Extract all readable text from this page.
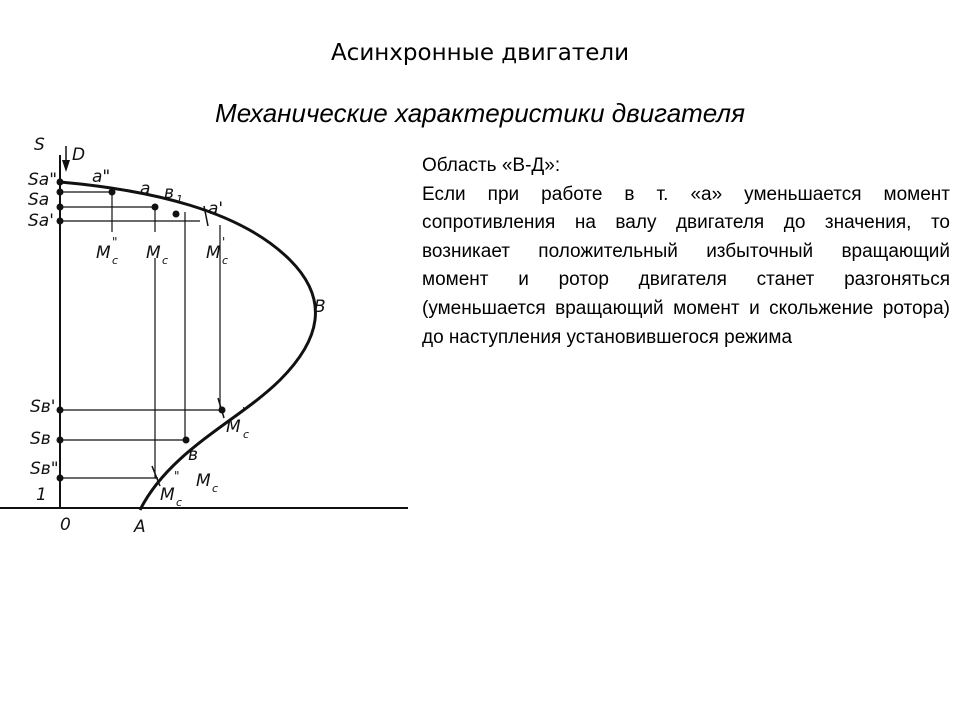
Асинхронные двигатели
Механические характеристики двигателя
S D
Sa"
Sa
Sa'
a"
a в 1 a'
M c
"
M c M c
'
B
Sв'
Sв
Sв"
1
M c
'
в
M c
" M c
0	A

Область «В-Д»:

Если при работе в т. «а» уменьшается момент сопротивления на валу двигателя до значения, то возникает положительный избыточный вращающий момент и ротор двигателя станет разгоняться (уменьшается вращающий момент и скольжение ротора) до наступления установившегося режима
